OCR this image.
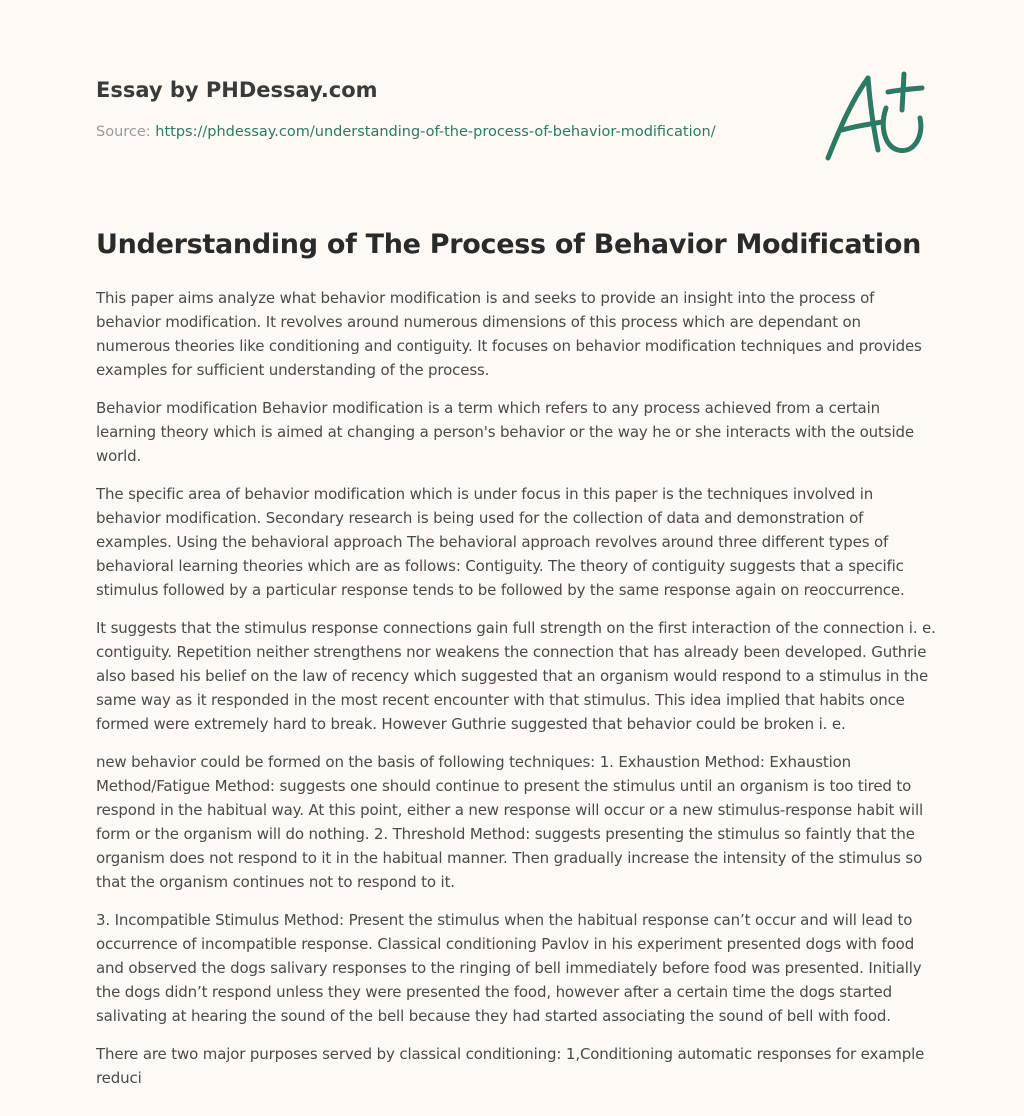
Essay by PHDessay.com
Source: https://phdessay.com/understanding-of-the-process-of-behavior-modification/
Understanding of The Process of Behavior Modification

This paper aims analyze what behavior modification is and seeks to provide an insight into the process of behavior modification. It revolves around numerous dimensions of this process which are dependant on numerous theories like conditioning and contiguity. It focuses on behavior modification techniques and provides examples for sufficient understanding of the process.

Behavior modification Behavior modification is a term which refers to any process achieved from a certain learning theory which is aimed at changing a person's behavior or the way he or she interacts with the outside world.

The specific area of behavior modification which is under focus in this paper is the techniques involved in behavior modification. Secondary research is being used for the collection of data and demonstration of examples. Using the behavioral approach The behavioral approach revolves around three different types of behavioral learning theories which are as follows: Contiguity. The theory of contiguity suggests that a specific stimulus followed by a particular response tends to be followed by the same response again on reoccurrence.

It suggests that the stimulus response connections gain full strength on the first interaction of the connection i. e. contiguity. Repetition neither strengthens nor weakens the connection that has already been developed. Guthrie also based his belief on the law of recency which suggested that an organism would respond to a stimulus in the same way as it responded in the most recent encounter with that stimulus. This idea implied that habits once formed were extremely hard to break. However Guthrie suggested that behavior could be broken i. e.

new behavior could be formed on the basis of following techniques: 1. Exhaustion Method: Exhaustion Method/Fatigue Method: suggests one should continue to present the stimulus until an organism is too tired to respond in the habitual way. At this point, either a new response will occur or a new stimulus-response habit will form or the organism will do nothing. 2. Threshold Method: suggests presenting the stimulus so faintly that the organism does not respond to it in the habitual manner. Then gradually increase the intensity of the stimulus so that the organism continues not to respond to it.

3. Incompatible Stimulus Method: Present the stimulus when the habitual response can’t occur and will lead to occurrence of incompatible response. Classical conditioning Pavlov in his experiment presented dogs with food and observed the dogs salivary responses to the ringing of bell immediately before food was presented. Initially the dogs didn’t respond unless they were presented the food, however after a certain time the dogs started salivating at hearing the sound of the bell because they had started associating the sound of bell with food.

There are two major purposes served by classical conditioning: 1,Conditioning automatic responses for example reduci
